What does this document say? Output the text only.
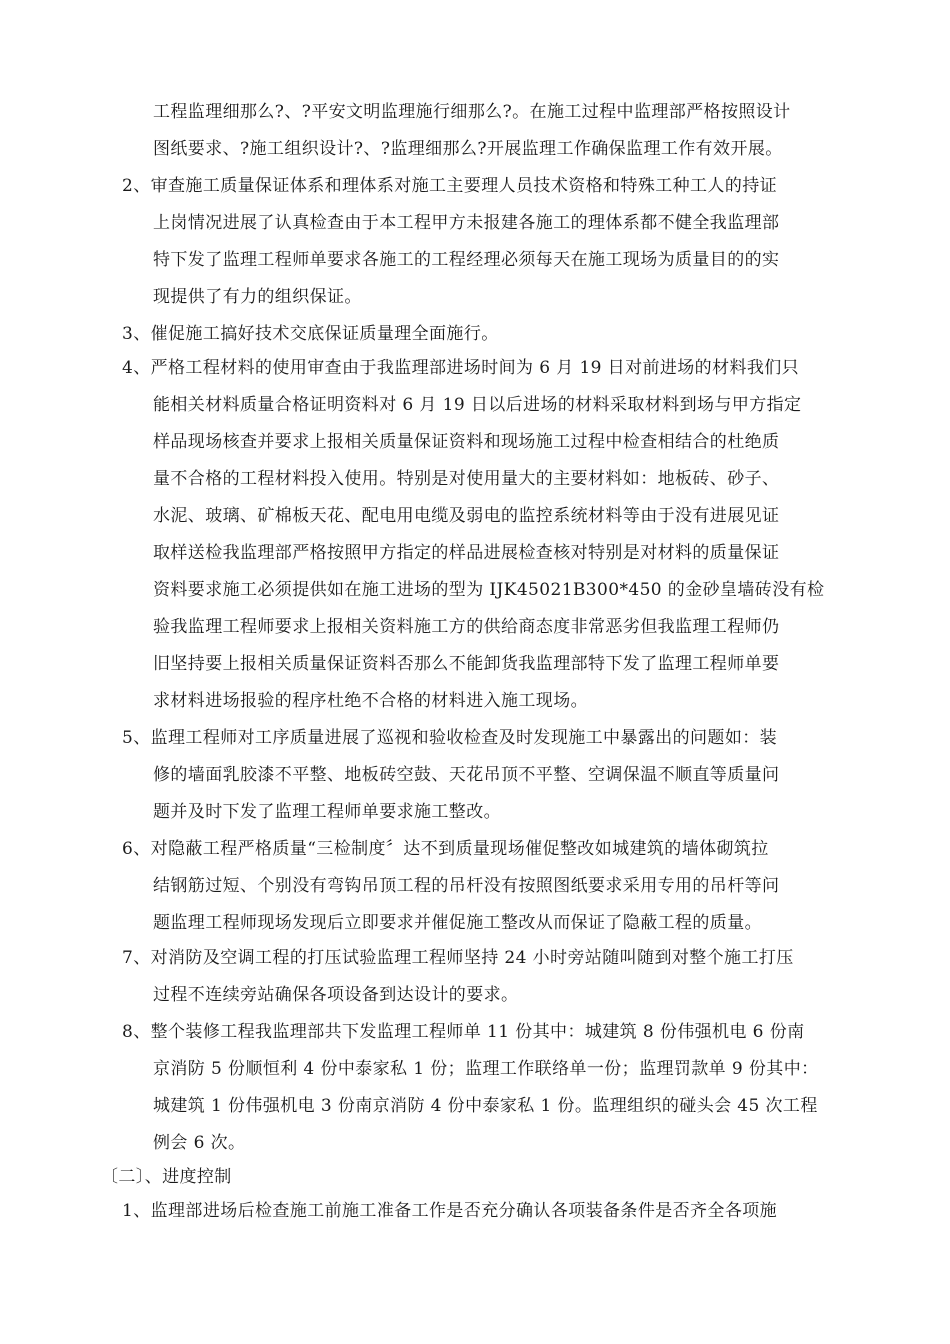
工程监理细那么?、?平安文明监理施行细那么?。在施工过程中监理部严格按照设计
图纸要求、?施工组织设计?、?监理细那么?开展监理工作确保监理工作有效开展。
2、审查施工质量保证体系和理体系对施工主要理人员技术资格和特殊工种工人的持证
上岗情况进展了认真检查由于本工程甲方未报建各施工的理体系都不健全我监理部
特下发了监理工程师单要求各施工的工程经理必须每天在施工现场为质量目的的实
现提供了有力的组织保证。
3、催促施工搞好技术交底保证质量理全面施行。
4、严格工程材料的使用审查由于我监理部进场时间为 6 月 19 日对前进场的材料我们只
能相关材料质量合格证明资料对 6 月 19 日以后进场的材料采取材料到场与甲方指定
样品现场核查并要求上报相关质量保证资料和现场施工过程中检查相结合的杜绝质
量不合格的工程材料投入使用。特别是对使用量大的主要材料如：地板砖、砂子、
水泥、玻璃、矿棉板天花、配电用电缆及弱电的监控系统材料等由于没有进展见证
取样送检我监理部严格按照甲方指定的样品进展检查核对特别是对材料的质量保证
资料要求施工必须提供如在施工进场的型为 IJK45021B300*450 的金砂皇墙砖没有检
验我监理工程师要求上报相关资料施工方的供给商态度非常恶劣但我监理工程师仍
旧坚持要上报相关质量保证资料否那么不能卸货我监理部特下发了监理工程师单要
求材料进场报验的程序杜绝不合格的材料进入施工现场。
5、监理工程师对工序质量进展了巡视和验收检查及时发现施工中暴露出的问题如：装
修的墙面乳胶漆不平整、地板砖空鼓、天花吊顶不平整、空调保温不顺直等质量问
题并及时下发了监理工程师单要求施工整改。
6、对隐蔽工程严格质量“三检制度〞达不到质量现场催促整改如城建筑的墙体砌筑拉
结钢筋过短、个别没有弯钩吊顶工程的吊杆没有按照图纸要求采用专用的吊杆等问
题监理工程师现场发现后立即要求并催促施工整改从而保证了隐蔽工程的质量。
7、对消防及空调工程的打压试验监理工程师坚持 24 小时旁站随叫随到对整个施工打压
过程不连续旁站确保各项设备到达设计的要求。
8、整个装修工程我监理部共下发监理工程师单 11 份其中：城建筑 8 份伟强机电 6 份南
京消防 5 份顺恒利 4 份中泰家私 1 份；监理工作联络单一份；监理罚款单 9 份其中：
城建筑 1 份伟强机电 3 份南京消防 4 份中泰家私 1 份。监理组织的碰头会 45 次工程
例会 6 次。
〔二〕、进度控制
1、监理部进场后检查施工前施工准备工作是否充分确认各项装备条件是否齐全各项施
